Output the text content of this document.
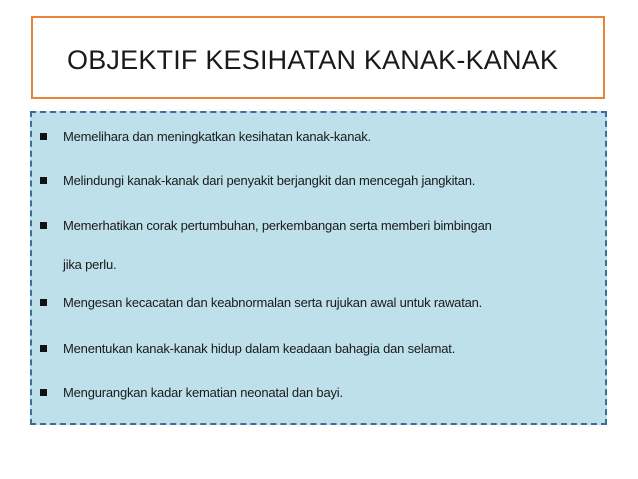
OBJEKTIF KESIHATAN KANAK-KANAK
Memelihara dan meningkatkan kesihatan kanak-kanak.
Melindungi kanak-kanak dari penyakit berjangkit dan mencegah jangkitan.
Memerhatikan corak pertumbuhan, perkembangan serta memberi bimbingan
jika perlu.
Mengesan kecacatan dan keabnormalan serta rujukan awal untuk rawatan.
Menentukan kanak-kanak hidup dalam keadaan bahagia dan selamat.
Mengurangkan kadar kematian neonatal dan bayi.
